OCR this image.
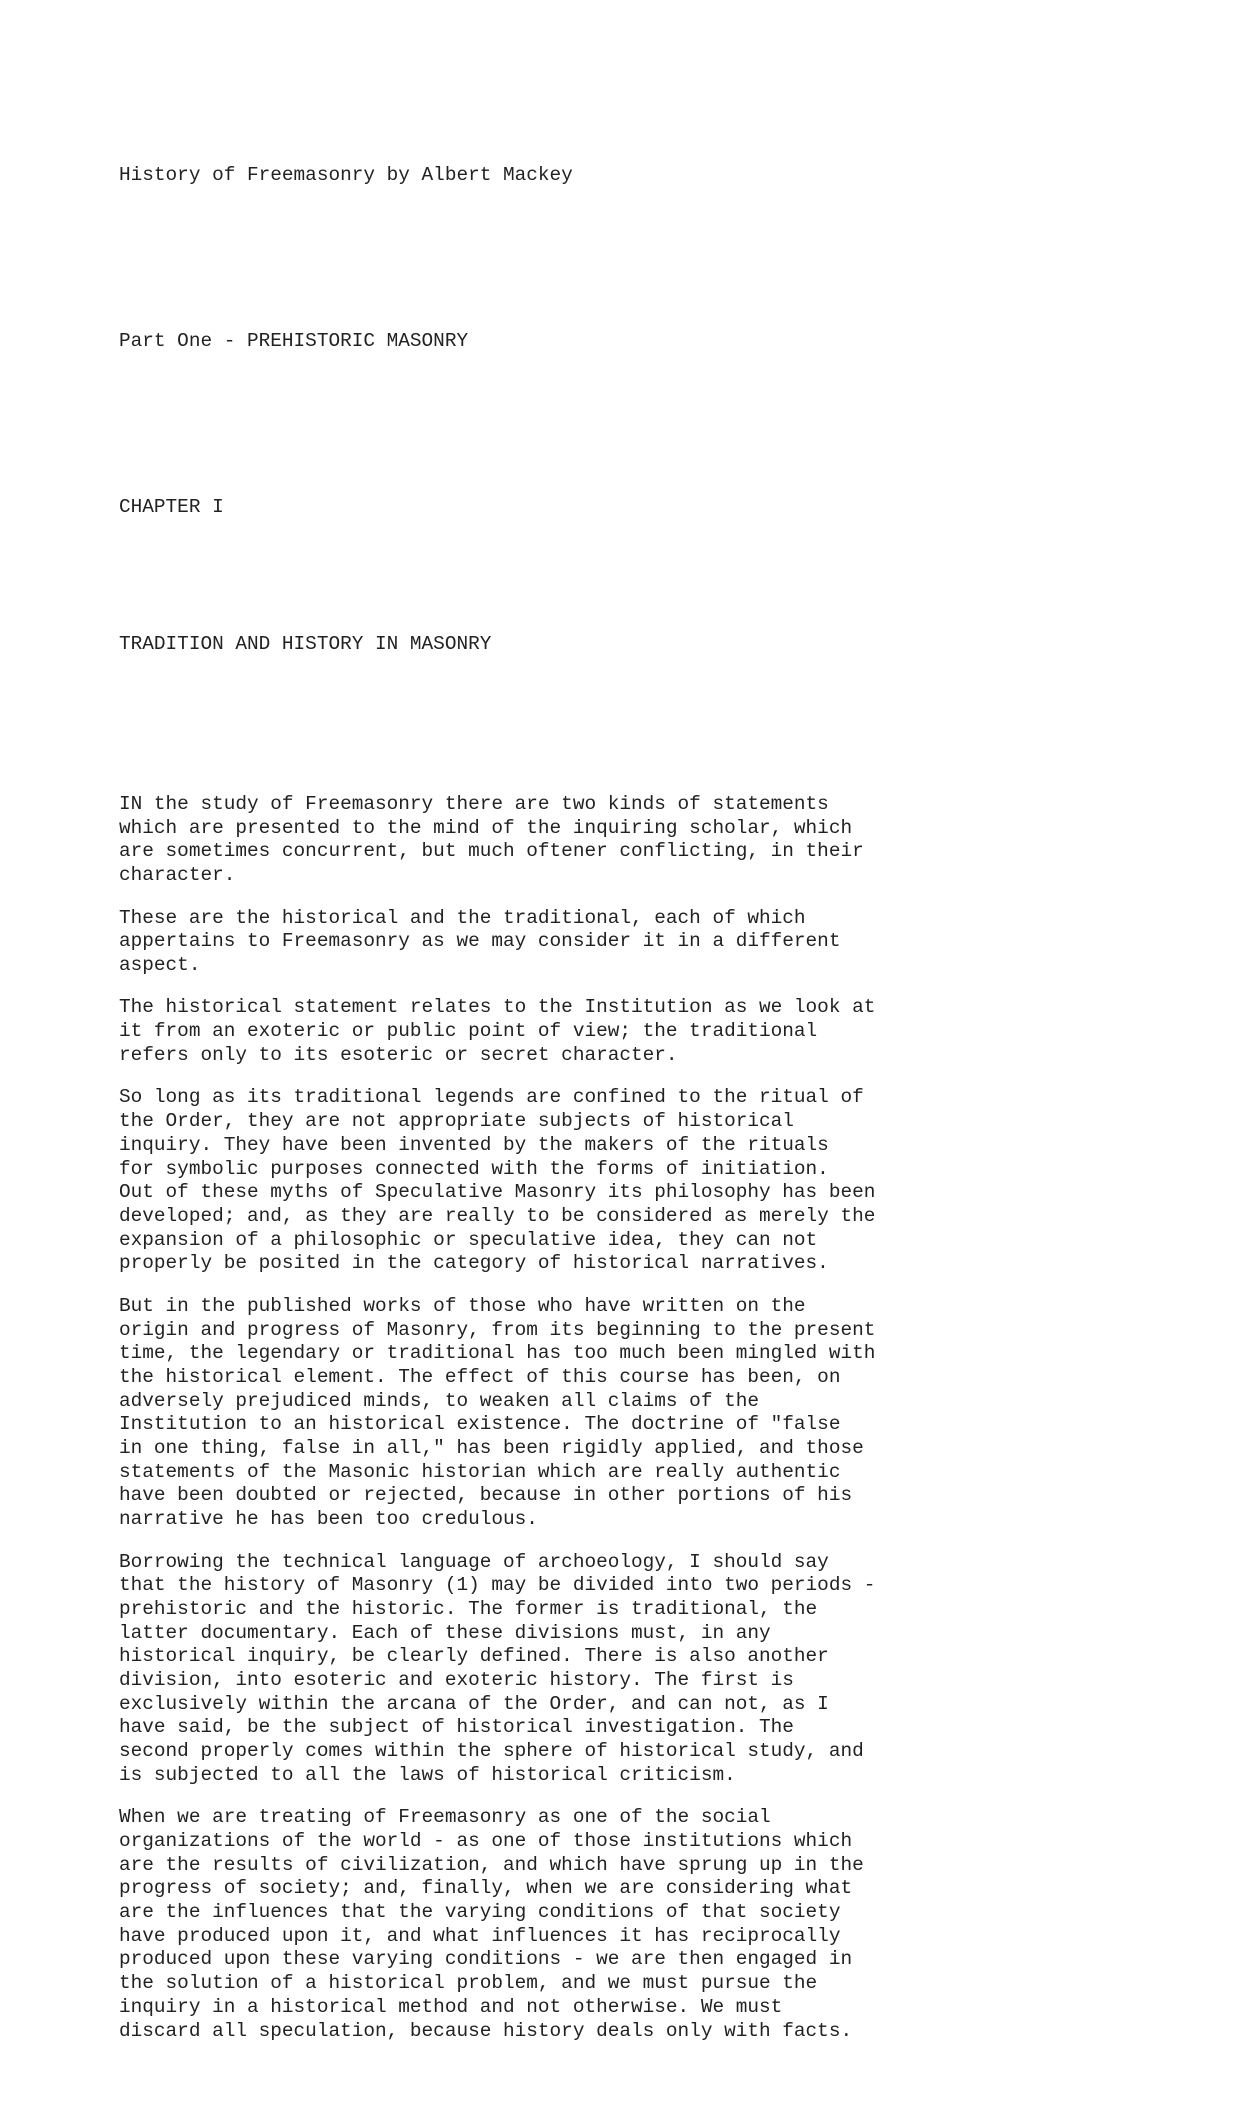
History of Freemasonry by Albert Mackey

Part One - PREHISTORIC MASONRY

CHAPTER I

TRADITION AND HISTORY IN MASONRY

IN the study of Freemasonry there are two kinds of statements
which are presented to the mind of the inquiring scholar, which
are sometimes concurrent, but much oftener conflicting, in their
character.
These are the historical and the traditional, each of which
appertains to Freemasonry as we may consider it in a different
aspect.
The historical statement relates to the Institution as we look at
it from an exoteric or public point of view; the traditional
refers only to its esoteric or secret character.
So long as its traditional legends are confined to the ritual of
the Order, they are not appropriate subjects of historical
inquiry. They have been invented by the makers of the rituals
for symbolic purposes connected with the forms of initiation.
Out of these myths of Speculative Masonry its philosophy has been
developed; and, as they are really to be considered as merely the
expansion of a philosophic or speculative idea, they can not
properly be posited in the category of historical narratives.
But in the published works of those who have written on the
origin and progress of Masonry, from its beginning to the present
time, the legendary or traditional has too much been mingled with
the historical element. The effect of this course has been, on
adversely prejudiced minds, to weaken all claims of the
Institution to an historical existence. The doctrine of "false
in one thing, false in all," has been rigidly applied, and those
statements of the Masonic historian which are really authentic
have been doubted or rejected, because in other portions of his
narrative he has been too credulous.
Borrowing the technical language of archoeology, I should say
that the history of Masonry (1) may be divided into two periods -
prehistoric and the historic. The former is traditional, the
latter documentary. Each of these divisions must, in any
historical inquiry, be clearly defined. There is also another
division, into esoteric and exoteric history. The first is
exclusively within the arcana of the Order, and can not, as I
have said, be the subject of historical investigation. The
second properly comes within the sphere of historical study, and
is subjected to all the laws of historical criticism.
When we are treating of Freemasonry as one of the social
organizations of the world - as one of those institutions which
are the results of civilization, and which have sprung up in the
progress of society; and, finally, when we are considering what
are the influences that the varying conditions of that society
have produced upon it, and what influences it has reciprocally
produced upon these varying conditions - we are then engaged in
the solution of a historical problem, and we must pursue the
inquiry in a historical method and not otherwise. We must
discard all speculation, because history deals only with facts.
